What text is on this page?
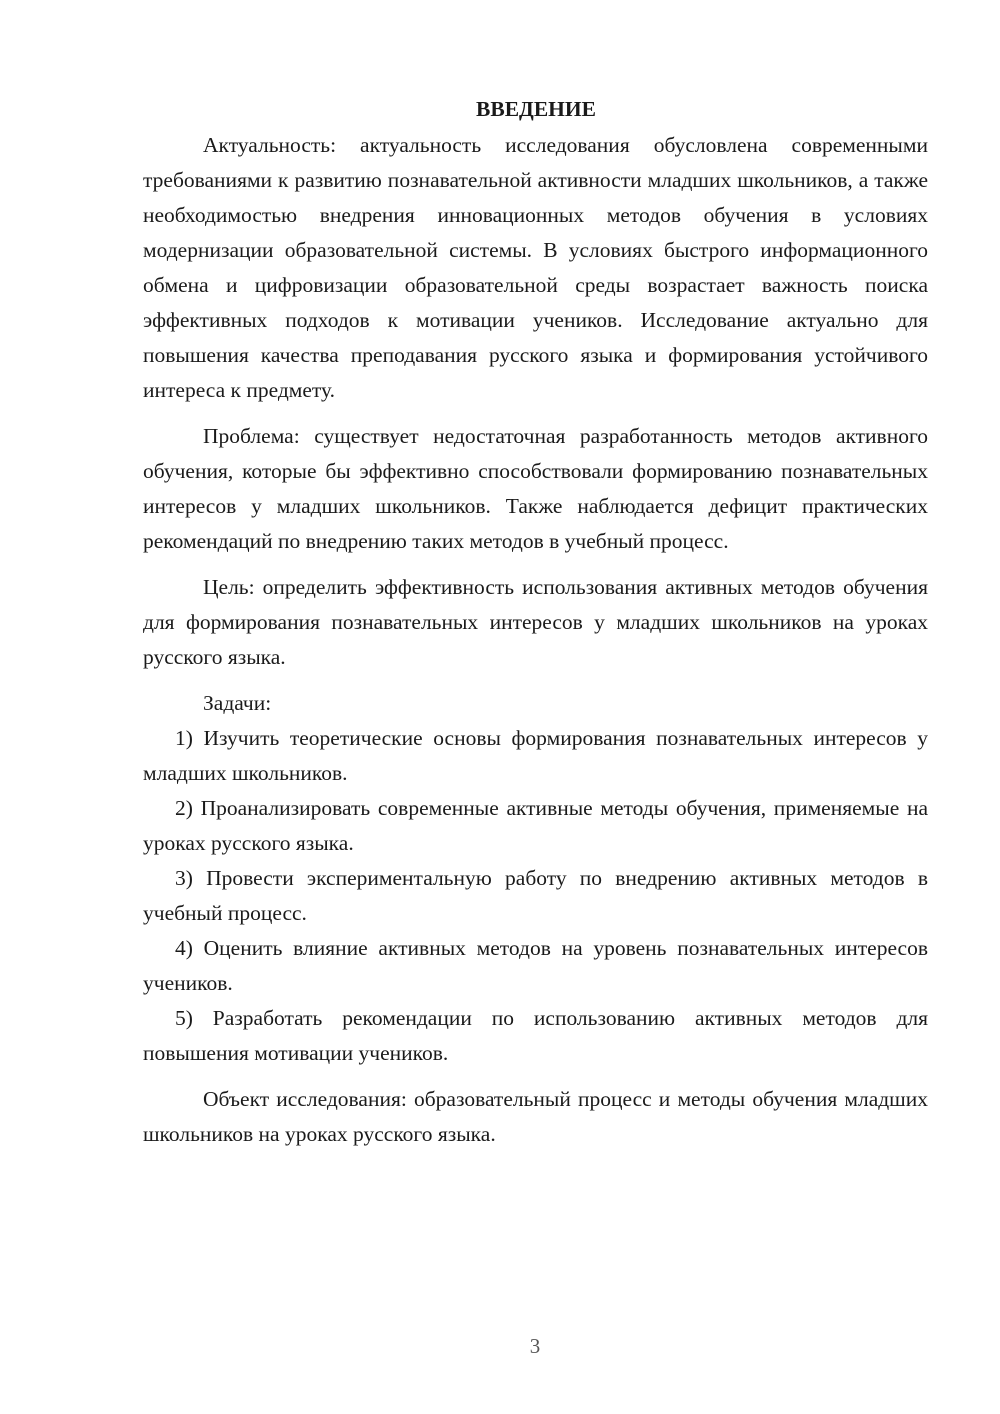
ВВЕДЕНИЕ

Актуальность: актуальность исследования обусловлена современными требованиями к развитию познавательной активности младших школьников, а также необходимостью внедрения инновационных методов обучения в условиях модернизации образовательной системы. В условиях быстрого информационного обмена и цифровизации образовательной среды возрастает важность поиска эффективных подходов к мотивации учеников. Исследование актуально для повышения качества преподавания русского языка и формирования устойчивого интереса к предмету.

Проблема: существует недостаточная разработанность методов активного обучения, которые бы эффективно способствовали формированию познавательных интересов у младших школьников. Также наблюдается дефицит практических рекомендаций по внедрению таких методов в учебный процесс.

Цель: определить эффективность использования активных методов обучения для формирования познавательных интересов у младших школьников на уроках русского языка.

Задачи:

1) Изучить теоретические основы формирования познавательных интересов у младших школьников.

2) Проанализировать современные активные методы обучения, применяемые на уроках русского языка.

3) Провести экспериментальную работу по внедрению активных методов в учебный процесс.

4) Оценить влияние активных методов на уровень познавательных интересов учеников.

5) Разработать рекомендации по использованию активных методов для повышения мотивации учеников.

Объект исследования: образовательный процесс и методы обучения младших школьников на уроках русского языка.

3
